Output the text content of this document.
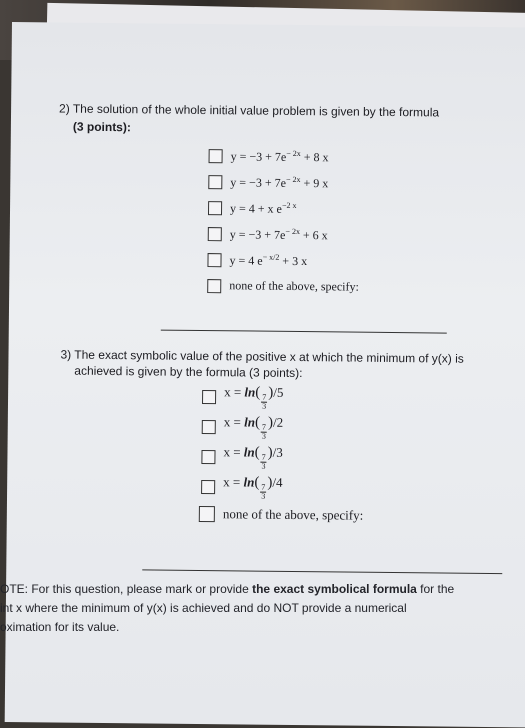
2) The solution of the whole initial value problem is given by the formula
(3 points):
$y = -3 + 7e^{- 2x} + 8$ x
$y = -3 + 7e^{- 2x} + 9$ x
y = 4 + x $e^{-2 x}$
$y = -3 + 7e^{- 2x} + 6$ x
y = 4 $e^{- x/2} + 3$ x
none of the above, specify:
3) The exact symbolic value of the positive x at which the minimum of y(x) is
achieved is given by the formula (3 points):
x = ln(
$\frac{7}{3}$
)/5
x = ln(
$\frac{7}{3}$
)/2
x = ln(
$\frac{7}{3}$
)/3
x = ln(
$\frac{7}{3}$
)/4
none of the above, specify:
OTE: For this question, please mark or provide the exact symbolical formula for the
int x where the minimum of y(x) is achieved and do NOT provide a numerical
oximation for its value.
